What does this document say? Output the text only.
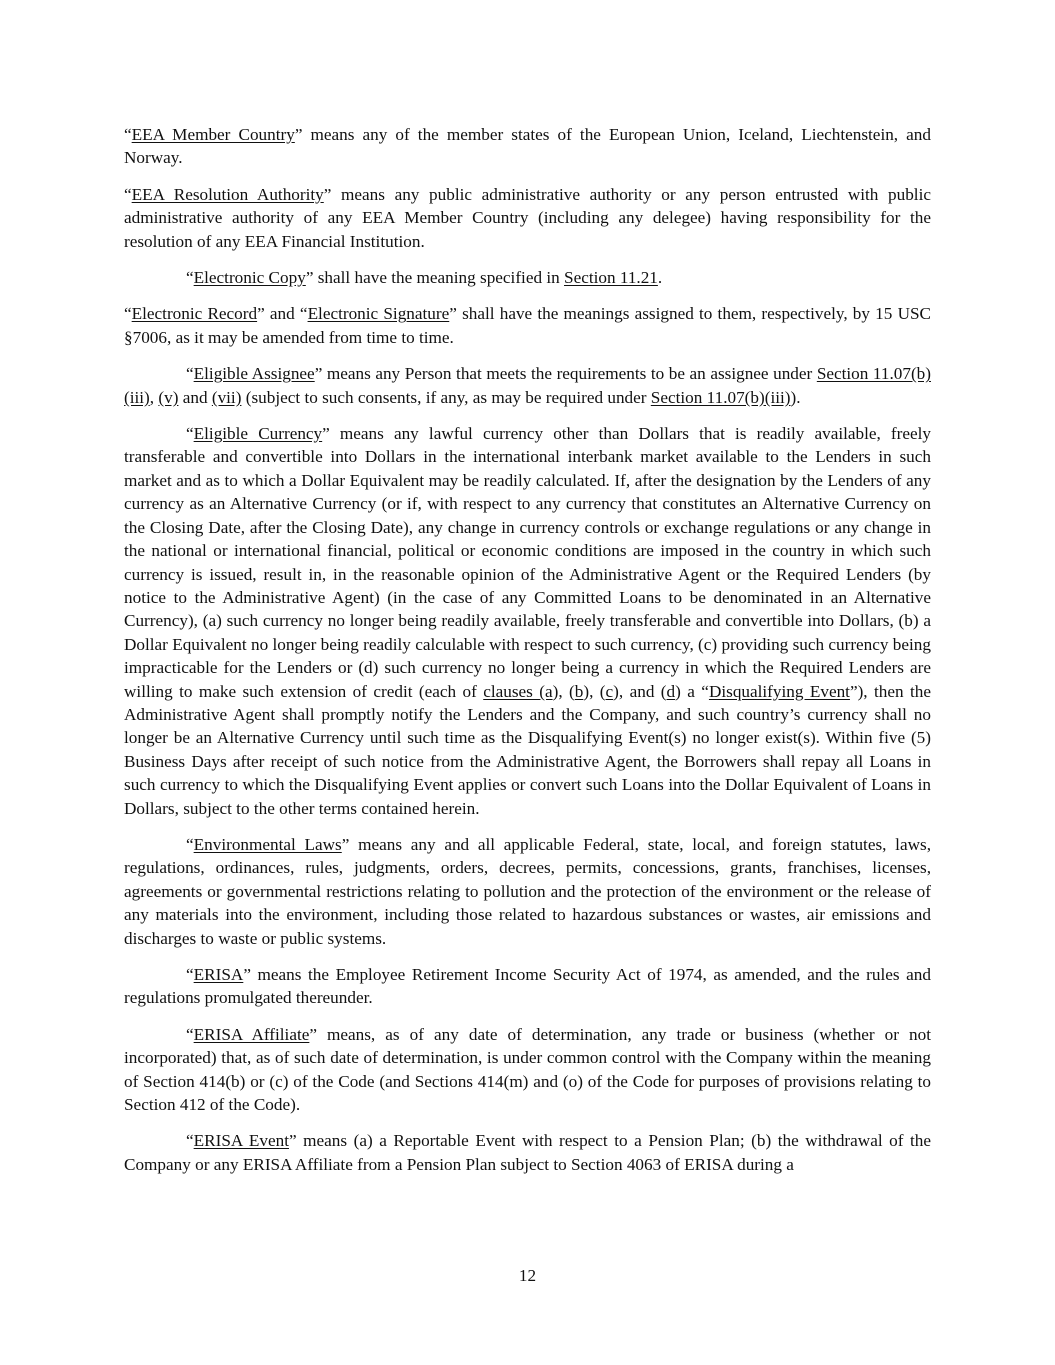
“EEA Member Country” means any of the member states of the European Union, Iceland, Liechtenstein, and Norway.

“EEA Resolution Authority” means any public administrative authority or any person entrusted with public administrative authority of any EEA Member Country (including any delegee) having responsibility for the resolution of any EEA Financial Institution.

“Electronic Copy” shall have the meaning specified in Section 11.21.

“Electronic Record” and “Electronic Signature” shall have the meanings assigned to them, respectively, by 15 USC §7006, as it may be amended from time to time.

“Eligible Assignee” means any Person that meets the requirements to be an assignee under Section 11.07(b)(iii), (v) and (vii) (subject to such consents, if any, as may be required under Section 11.07(b)(iii)).

“Eligible Currency” means any lawful currency other than Dollars that is readily available, freely transferable and convertible into Dollars in the international interbank market available to the Lenders in such market and as to which a Dollar Equivalent may be readily calculated. If, after the designation by the Lenders of any currency as an Alternative Currency (or if, with respect to any currency that constitutes an Alternative Currency on the Closing Date, after the Closing Date), any change in currency controls or exchange regulations or any change in the national or international financial, political or economic conditions are imposed in the country in which such currency is issued, result in, in the reasonable opinion of the Administrative Agent or the Required Lenders (by notice to the Administrative Agent) (in the case of any Committed Loans to be denominated in an Alternative Currency), (a) such currency no longer being readily available, freely transferable and convertible into Dollars, (b) a Dollar Equivalent no longer being readily calculable with respect to such currency, (c) providing such currency being impracticable for the Lenders or (d) such currency no longer being a currency in which the Required Lenders are willing to make such extension of credit (each of clauses (a), (b), (c), and (d) a “Disqualifying Event”), then the Administrative Agent shall promptly notify the Lenders and the Company, and such country’s currency shall no longer be an Alternative Currency until such time as the Disqualifying Event(s) no longer exist(s). Within five (5) Business Days after receipt of such notice from the Administrative Agent, the Borrowers shall repay all Loans in such currency to which the Disqualifying Event applies or convert such Loans into the Dollar Equivalent of Loans in Dollars, subject to the other terms contained herein.

“Environmental Laws” means any and all applicable Federal, state, local, and foreign statutes, laws, regulations, ordinances, rules, judgments, orders, decrees, permits, concessions, grants, franchises, licenses, agreements or governmental restrictions relating to pollution and the protection of the environment or the release of any materials into the environment, including those related to hazardous substances or wastes, air emissions and discharges to waste or public systems.

“ERISA” means the Employee Retirement Income Security Act of 1974, as amended, and the rules and regulations promulgated thereunder.

“ERISA Affiliate” means, as of any date of determination, any trade or business (whether or not incorporated) that, as of such date of determination, is under common control with the Company within the meaning of Section 414(b) or (c) of the Code (and Sections 414(m) and (o) of the Code for purposes of provisions relating to Section 412 of the Code).

“ERISA Event” means (a) a Reportable Event with respect to a Pension Plan; (b) the withdrawal of the Company or any ERISA Affiliate from a Pension Plan subject to Section 4063 of ERISA during a

12
